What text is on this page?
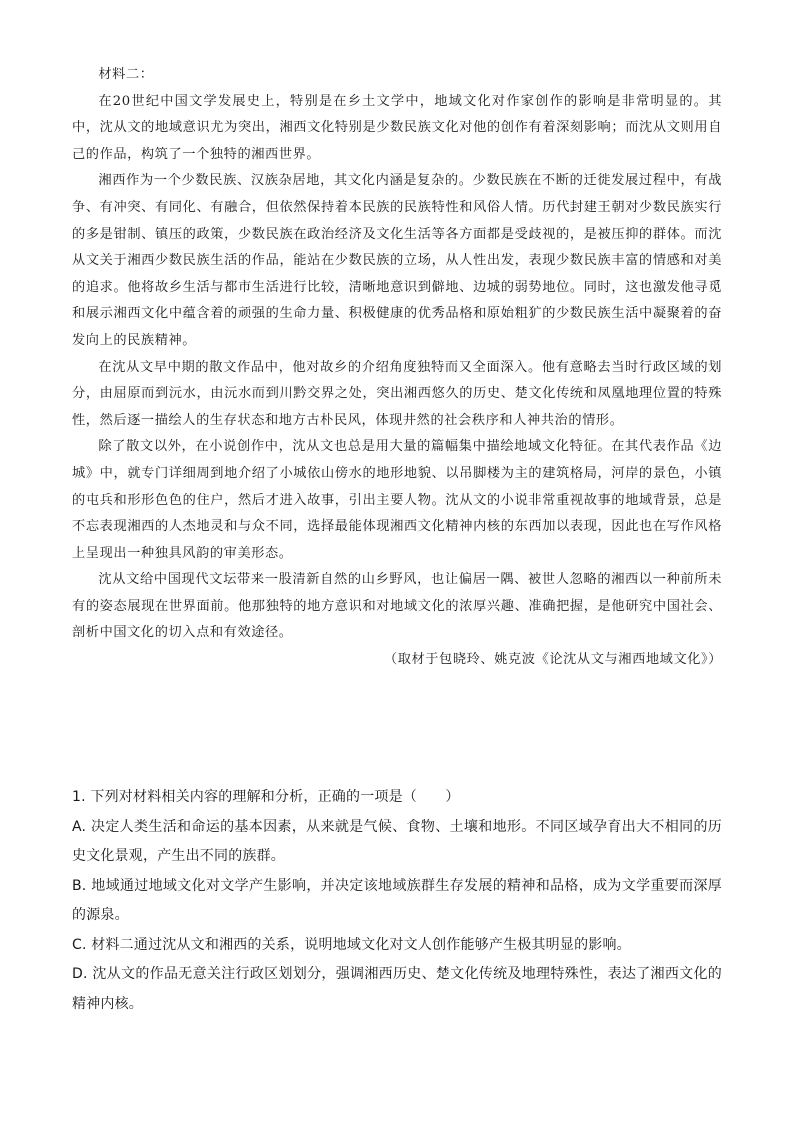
材料二：

在20世纪中国文学发展史上，特别是在乡土文学中，地域文化对作家创作的影响是非常明显的。其中，沈从文的地域意识尤为突出，湘西文化特别是少数民族文化对他的创作有着深刻影响；而沈从文则用自己的作品，构筑了一个独特的湘西世界。

湘西作为一个少数民族、汉族杂居地，其文化内涵是复杂的。少数民族在不断的迁徙发展过程中，有战争、有冲突、有同化、有融合，但依然保持着本民族的民族特性和风俗人情。历代封建王朝对少数民族实行的多是钳制、镇压的政策，少数民族在政治经济及文化生活等各方面都是受歧视的，是被压抑的群体。而沈从文关于湘西少数民族生活的作品，能站在少数民族的立场，从人性出发，表现少数民族丰富的情感和对美的追求。他将故乡生活与都市生活进行比较，清晰地意识到僻地、边城的弱势地位。同时，这也激发他寻觅和展示湘西文化中蕴含着的顽强的生命力量、积极健康的优秀品格和原始粗犷的少数民族生活中凝聚着的奋发向上的民族精神。

在沈从文早中期的散文作品中，他对故乡的介绍角度独特而又全面深入。他有意略去当时行政区域的划分，由屈原而到沅水，由沅水而到川黔交界之处，突出湘西悠久的历史、楚文化传统和凤凰地理位置的特殊性，然后逐一描绘人的生存状态和地方古朴民风，体现井然的社会秩序和人神共治的情形。

除了散文以外，在小说创作中，沈从文也总是用大量的篇幅集中描绘地域文化特征。在其代表作品《边城》中，就专门详细周到地介绍了小城依山傍水的地形地貌、以吊脚楼为主的建筑格局，河岸的景色，小镇的屯兵和形形色色的住户，然后才进入故事，引出主要人物。沈从文的小说非常重视故事的地域背景，总是不忘表现湘西的人杰地灵和与众不同，选择最能体现湘西文化精神内核的东西加以表现，因此也在写作风格上呈现出一种独具风韵的审美形态。

沈从文给中国现代文坛带来一股清新自然的山乡野风，也让偏居一隅、被世人忽略的湘西以一种前所未有的姿态展现在世界面前。他那独特的地方意识和对地域文化的浓厚兴趣、准确把握，是他研究中国社会、剖析中国文化的切入点和有效途径。

（取材于包晓玲、姚克波《论沈从文与湘西地域文化》）

1. 下列对材料相关内容的理解和分析，正确的一项是（　　）

A. 决定人类生活和命运的基本因素，从来就是气候、食物、土壤和地形。不同区域孕育出大不相同的历史文化景观，产生出不同的族群。

B. 地域通过地域文化对文学产生影响，并决定该地域族群生存发展的精神和品格，成为文学重要而深厚的源泉。

C. 材料二通过沈从文和湘西的关系，说明地域文化对文人创作能够产生极其明显的影响。

D. 沈从文的作品无意关注行政区划划分，强调湘西历史、楚文化传统及地理特殊性，表达了湘西文化的精神内核。
